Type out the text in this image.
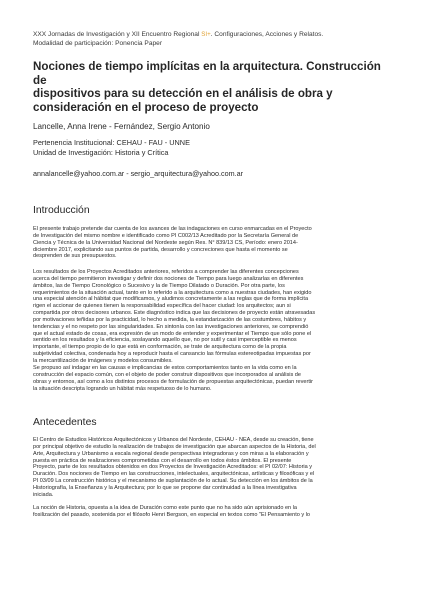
XXX Jornadas de Investigación y XII Encuentro Regional SI+. Configuraciones, Acciones y Relatos.
Modalidad de participación: Ponencia Paper
Nociones de tiempo implícitas en la arquitectura. Construcción de
dispositivos para su detección en el análisis de obra y
consideración en el proceso de proyecto
Lancelle, Anna Irene - Fernández, Sergio Antonio
Pertenencia Institucional: CEHAU - FAU - UNNE
Unidad de Investigación: Historia y Crítica
annalancelle@yahoo.com.ar - sergio_arquitectura@yahoo.com.ar
Introducción
El presente trabajo pretende dar cuenta de los avances de las indagaciones en curso enmarcadas en el Proyecto
de Investigación del mismo nombre e identificado como PI C002/13 Acreditado por la Secretaría General de
Ciencia y Técnica de la Universidad Nacional del Nordeste según Res. N° 839/13 CS, Período: enero 2014-
diciembre 2017, explicitando sus puntos de partida, desarrollo y concreciones que hasta el momento se
desprenden de sus presupuestos.
Los resultados de los Proyectos Acreditados anteriores, referidos a comprender las diferentes concepciones
acerca del tiempo permitieron investigar y definir dos nociones de Tiempo para luego analizarlas en diferentes
ámbitos, las de Tiempo Cronológico o Sucesivo y la de Tiempo Dilatado o Duración. Por otra parte, los
requerimientos de la situación actual, tanto en lo referido a la arquitectura como a nuestras ciudades, han exigido
una especial atención al hábitat que modificamos, y aludimos concretamente a las reglas que de forma implícita
rigen el accionar de quienes tienen la responsabilidad específica del hacer ciudad: los arquitectos; aun si
compartida por otros decisores urbanos. Este diagnóstico indica que las decisiones de proyecto están atravesadas
por motivaciones teñidas por la practicidad, lo hecho a medida, la estandarización de las costumbres, hábitos y
tendencias y el no respeto por las singularidades. En sintonía con las investigaciones anteriores, se comprendió
que el actual estado de cosas, era expresión de un modo de entender y experimentar el Tiempo que sólo pone el
sentido en los resultados y la eficiencia, soslayando aquello que, no por sutil y casi imperceptible es menos
importante, el tiempo propio de lo que está en conformación, se trate de arquitectura como de la propia
subjetividad colectiva, condenada hoy a reproducir hasta el cansancio las fórmulas estereotipadas impuestas por
la mercantilización de imágenes y modelos consumibles.
Se propuso así indagar en las causas e implicancias de estos comportamientos tanto en la vida como en la
construcción del espacio común, con el objeto de poder construir dispositivos que incorporados al análisis de
obras y entornos, así como a los distintos procesos de formulación de propuestas arquitectónicas, puedan revertir
la situación descripta logrando un hábitat más respetuoso de lo humano.
Antecedentes
El Centro de Estudios Históricos Arquitectónicos y Urbanos del Nordeste, CEHAU - NEA, desde su creación, tiene
por principal objetivo de estudio la realización de trabajos de investigación que abarcan aspectos de la Historia, del
Arte, Arquitectura y Urbanismo a escala regional desde perspectivas integradoras y con miras a la elaboración y
puesta en práctica de realizaciones comprometidas con el desarrollo en todos éstos ámbitos. El presente
Proyecto, parte de los resultados obtenidos en dos Proyectos de Investigación Acreditados: el PI 02/07: Historia y
Duración. Dos nociones de Tiempo en las construcciones, intelectuales, arquitectónicas, artísticas y filosóficas y el
PI 03/09 La construcción histórica y el mecanismo de suplantación de lo actual. Su detección en los ámbitos de la
Historiografía, la Enseñanza y la Arquitectura; por lo que se propone dar continuidad a la línea investigativa
iniciada.
La noción de Historia, opuesta a la idea de Duración como este punto que no ha sido aún aprisionado en la
fosilización del pasado, sostenida por el filósofo Henri Bergson, en especial en textos como "El Pensamiento y lo
